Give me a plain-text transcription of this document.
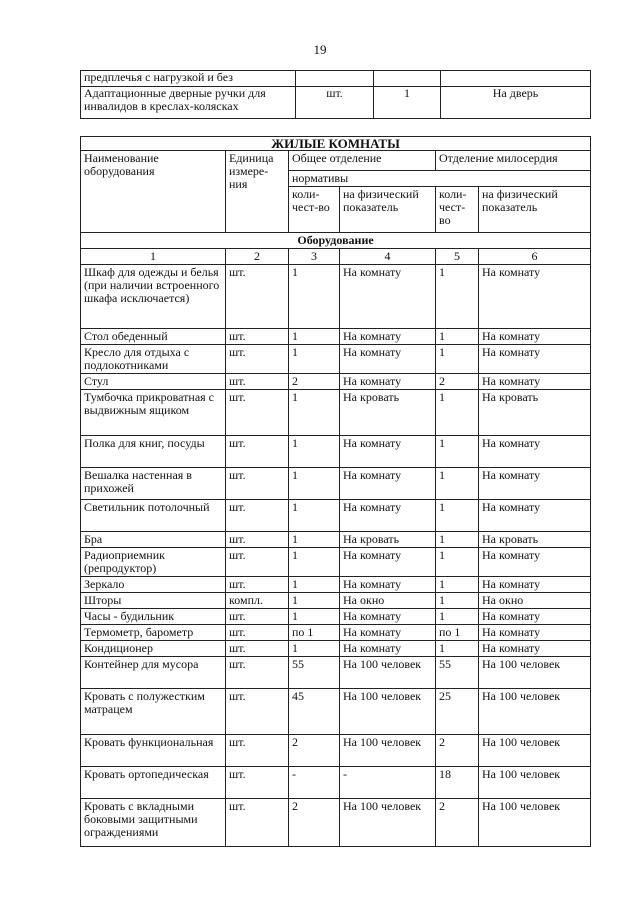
19
предплечья с нагрузкой и без			
Адаптационные дверные ручки для инвалидов в креслах-колясках	шт.	1	На дверь
ЖИЛЫЕ КОМНАТЫ					
Наименование оборудования	Единица измере-ния	Общее отделение		Отделение милосердия	
		нормативы			
		коли-чест-во	на физический показатель	коли-чест-во	на физический показатель
Оборудование					
1	2	3	4	5	6
Шкаф для одежды и белья (при наличии встроенного шкафа исключается)	шт.	1	На комнату	1	На комнату
Стол обеденный	шт.	1	На комнату	1	На комнату
Кресло для отдыха с подлокотниками	шт.	1	На комнату	1	На комнату
Стул	шт.	2	На комнату	2	На комнату
Тумбочка прикроватная с выдвижным ящиком	шт.	1	На кровать	1	На кровать
Полка для книг, посуды	шт.	1	На комнату	1	На комнату
Вешалка настенная в прихожей	шт.	1	На комнату	1	На комнату
Светильник потолочный	шт.	1	На комнату	1	На комнату
Бра	шт.	1	На кровать	1	На кровать
Радиоприемник (репродуктор)	шт.	1	На комнату	1	На комнату
Зеркало	шт.	1	На комнату	1	На комнату
Шторы	компл.	1	На окно	1	На окно
Часы - будильник	шт.	1	На комнату	1	На комнату
Термометр, барометр	шт.	по 1	На комнату	по 1	На комнату
Кондиционер	шт.	1	На комнату	1	На комнату
Контейнер для мусора	шт.	55	На 100 человек	55	На 100 человек
Кровать с полужестким матрацем	шт.	45	На 100 человек	25	На 100 человек
Кровать функциональная	шт.	2	На 100 человек	2	На 100 человек
Кровать ортопедическая	шт.	-	-	18	На 100 человек
Кровать с вкладными боковыми защитными ограждениями	шт.	2	На 100 человек	2	На 100 человек
